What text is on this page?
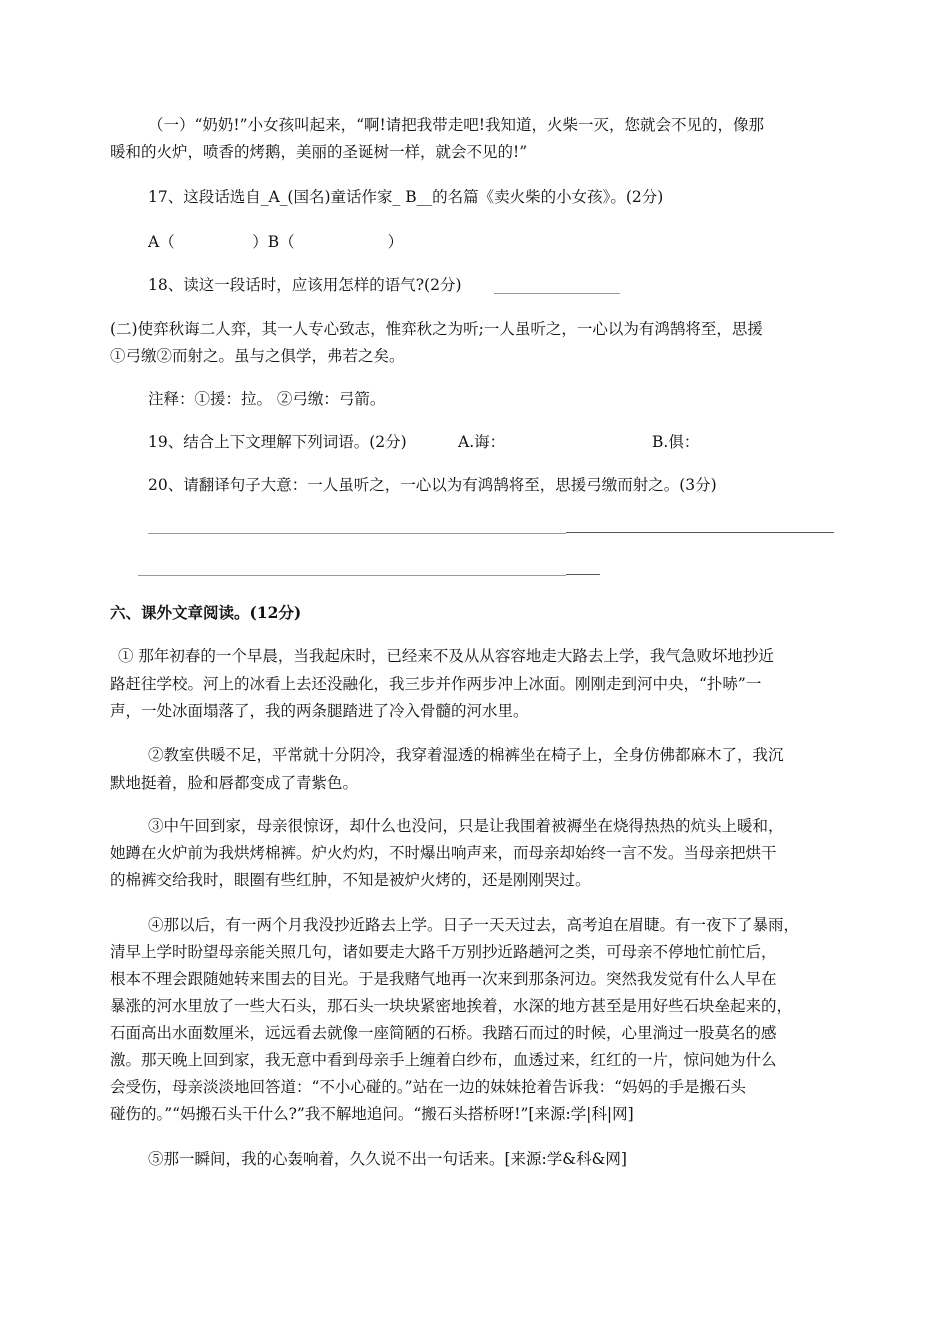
（一）“奶奶!”小女孩叫起来，“啊!请把我带走吧!我知道，火柴一灭，您就会不见的，像那
暖和的火炉，喷香的烤鹅，美丽的圣诞树一样，就会不见的!”
17、这段话选自_A_(国名)童话作家_ B__的名篇《卖火柴的小女孩》。(2分)
A（　　　　　）B（　　　　　　）
18、读这一段话时，应该用怎样的语气?(2分)
(二)使弈秋诲二人弈，其一人专心致志，惟弈秋之为听;一人虽听之，一心以为有鸿鹄将至，思援
①弓缴②而射之。虽与之俱学，弗若之矣。
注释：①援：拉。 ②弓缴：弓箭。
19、结合上下文理解下列词语。(2分)	A.诲：	B.俱：
20、请翻译句子大意：一人虽听之，一心以为有鸿鹄将至，思援弓缴而射之。(3分)
六、课外文章阅读。(12分)
① 那年初春的一个早晨，当我起床时，已经来不及从从容容地走大路去上学，我气急败坏地抄近
路赶往学校。河上的冰看上去还没融化，我三步并作两步冲上冰面。刚刚走到河中央，“扑哧”一
声，一处冰面塌落了，我的两条腿踏进了冷入骨髓的河水里。
②教室供暖不足，平常就十分阴冷，我穿着湿透的棉裤坐在椅子上，全身仿佛都麻木了，我沉
默地挺着，脸和唇都变成了青紫色。
③中午回到家，母亲很惊讶，却什么也没问，只是让我围着被褥坐在烧得热热的炕头上暖和，
她蹲在火炉前为我烘烤棉裤。炉火灼灼，不时爆出响声来，而母亲却始终一言不发。当母亲把烘干
的棉裤交给我时，眼圈有些红肿，不知是被炉火烤的，还是刚刚哭过。
④那以后，有一两个月我没抄近路去上学。日子一天天过去，高考迫在眉睫。有一夜下了暴雨，
清早上学时盼望母亲能关照几句，诸如要走大路千万别抄近路趟河之类，可母亲不停地忙前忙后，
根本不理会跟随她转来围去的目光。于是我赌气地再一次来到那条河边。突然我发觉有什么人早在
暴涨的河水里放了一些大石头，那石头一块块紧密地挨着，水深的地方甚至是用好些石块垒起来的，
石面高出水面数厘米，远远看去就像一座简陋的石桥。我踏石而过的时候，心里淌过一股莫名的感
激。那天晚上回到家，我无意中看到母亲手上缠着白纱布，血透过来，红红的一片，惊问她为什么
会受伤，母亲淡淡地回答道：“不小心碰的。”站在一边的妹妹抢着告诉我：“妈妈的手是搬石头
碰伤的。”“妈搬石头干什么?”我不解地追问。“搬石头搭桥呀!”[来源:学|科|网]
⑤那一瞬间，我的心轰响着，久久说不出一句话来。[来源:学&科&网]
